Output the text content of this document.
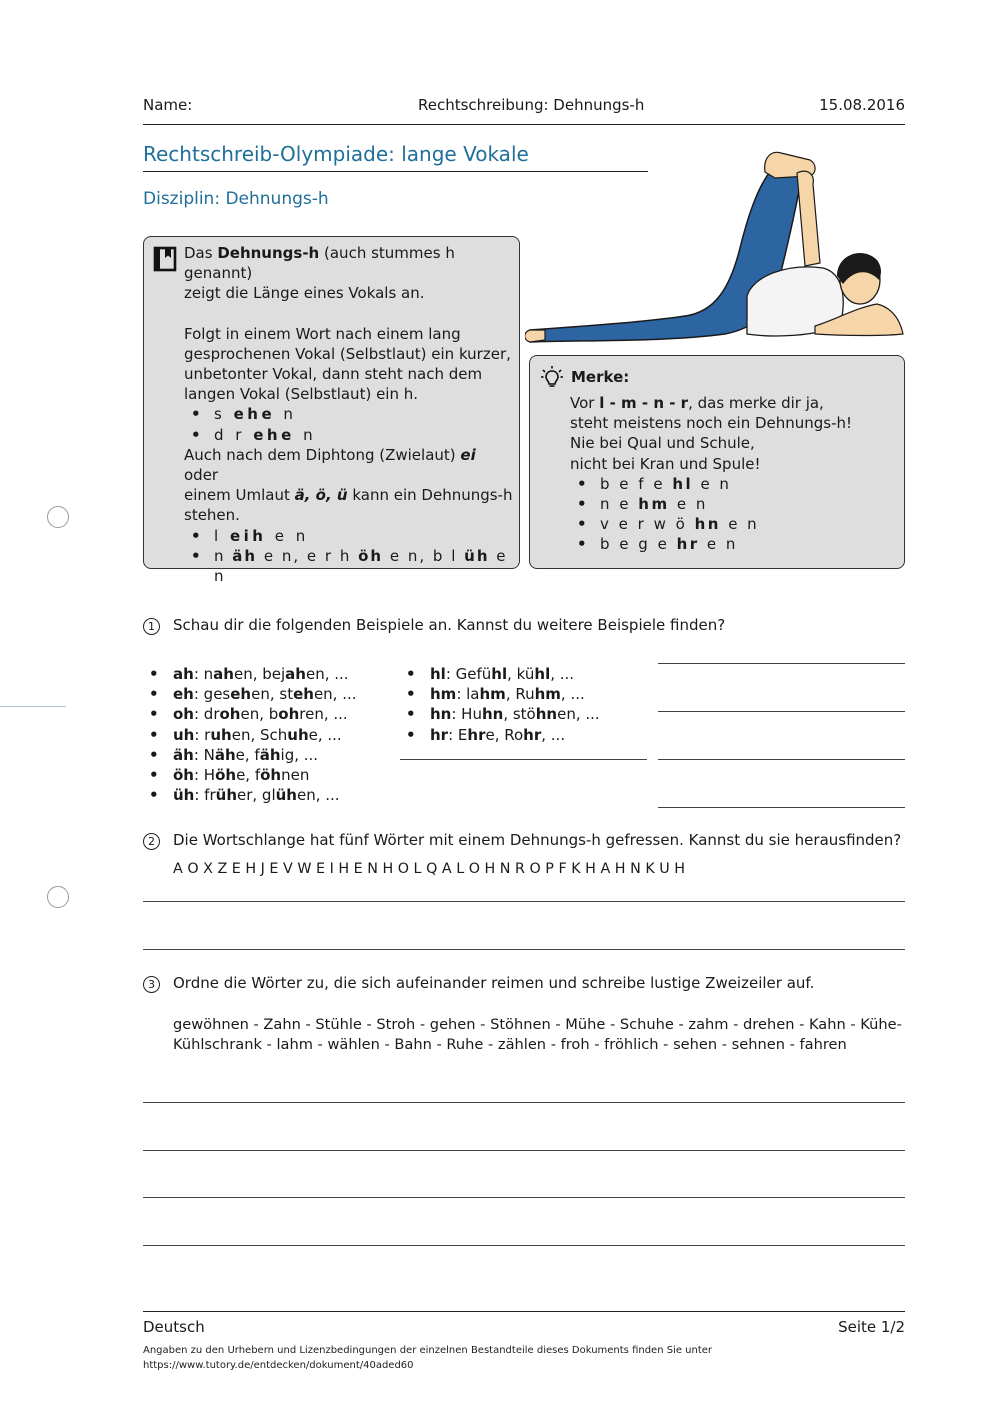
Name:	Rechtschreibung: Dehnungs-h	15.08.2016
Rechtschreib-Olympiade: lange Vokale
Disziplin: Dehnungs-h

Das Dehnungs-h (auch stummes h genannt)

zeigt die Länge eines Vokals an.

Folgt in einem Wort nach einem lang

gesprochenen Vokal (Selbstlaut) ein kurzer,

unbetonter Vokal, dann steht nach dem

langen Vokal (Selbstlaut) ein h.

• s ehe n
• d r ehe n

Auch nach dem Diphtong (Zwielaut) ei oder

einem Umlaut ä, ö, ü kann ein Dehnungs-h

stehen.

• l eih e n
• n äh e n, e r h öh e n, b l üh e n
Merke:

Vor l - m - n - r, das merke dir ja,

steht meistens noch ein Dehnungs-h!

Nie bei Qual und Schule,

nicht bei Kran und Spule!

• b e f e hl e n
• n e hm e n
• v e r w ö hn e n
• b e g e hr e n
1	Schau dir die folgenden Beispiele an. Kannst du weitere Beispiele finden?
• ah: nahen, bejahen, ...
• eh: gesehen, stehen, ...
• oh: drohen, bohren, ...
• uh: ruhen, Schuhe, ...
• äh: Nähe, fähig, ...
• öh: Höhe, föhnen
• üh: früher, glühen, ...
• hl: Gefühl, kühl, ...
• hm: lahm, Ruhm, ...
• hn: Huhn, stöhnen, ...
• hr: Ehre, Rohr, ...
2	Die Wortschlange hat fünf Wörter mit einem Dehnungs-h gefressen. Kannst du sie herausfinden?
A O X Z E H J E V W E I H E N H O L Q A L O H N R O P F K H A H N K U H
3	Ordne die Wörter zu, die sich aufeinander reimen und schreibe lustige Zweizeiler auf.
gewöhnen - Zahn - Stühle - Stroh - gehen - Stöhnen - Mühe - Schuhe - zahm - drehen - Kahn - Kühe-
Kühlschrank - lahm - wählen - Bahn - Ruhe - zählen - froh - fröhlich - sehen - sehnen - fahren
Deutsch	Seite 1/2
Angaben zu den Urhebern und Lizenzbedingungen der einzelnen Bestandteile dieses Dokuments finden Sie unter
https://www.tutory.de/entdecken/dokument/40aded60
